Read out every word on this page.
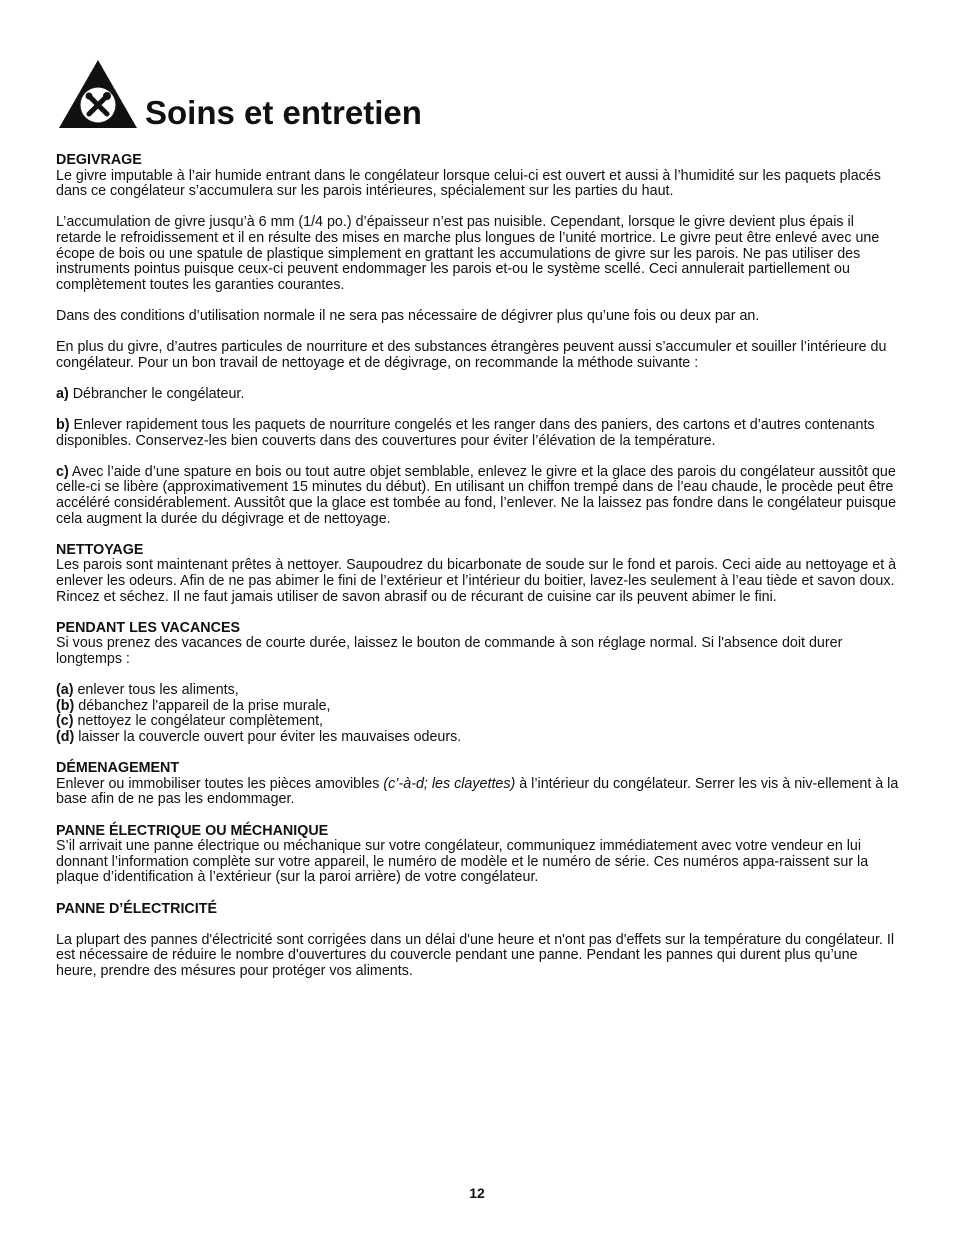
Soins et entretien
DEGIVRAGE

Le givre imputable à l’air humide entrant dans le congélateur lorsque celui-ci est ouvert et aussi à l’humidité sur les paquets placés dans ce congélateur s’accumulera sur les parois intérieures, spécialement sur les parties du haut.

L’accumulation de givre jusqu’à 6 mm (1/4 po.) d’épaisseur n’est pas nuisible. Cependant, lorsque le givre devient plus épais il retarde le refroidissement et il en résulte des mises en marche plus longues de l’unité mortrice. Le givre peut être enlevé avec une écope de bois ou une spatule de plastique simplement en grattant les accumulations de givre sur les parois. Ne pas utiliser des instruments pointus puisque ceux-ci peuvent endommager les parois et-ou le système scellé. Ceci annulerait partiellement ou complètement toutes les garanties courantes.

Dans des conditions d’utilisation normale il ne sera pas nécessaire de dégivrer plus qu’une fois ou deux par an.

En plus du givre, d’autres particules de nourriture et des substances étrangères peuvent aussi s’accumuler et souiller l’intérieure du congélateur. Pour un bon travail de nettoyage et de dégivrage, on recommande la méthode suivante :

a) Débrancher le congélateur.

b) Enlever rapidement tous les paquets de nourriture congelés et les ranger dans des paniers, des cartons et d’autres contenants disponibles. Conservez-les bien couverts dans des couvertures pour éviter l’élévation de la température.

c) Avec l’aide d’une spature en bois ou tout autre objet semblable, enlevez le givre et la glace des parois du congélateur aussitôt que celle-ci se libère (approximativement 15 minutes du début). En utilisant un chiffon trempé dans de l’eau chaude, le procède peut être accéléré considérablement. Aussitôt que la glace est tombée au fond, l’enlever. Ne la laissez pas fondre dans le congélateur puisque cela augment la durée du dégivrage et de nettoyage.

NETTOYAGE

Les parois sont maintenant prêtes à nettoyer. Saupoudrez du bicarbonate de soude sur le fond et parois. Ceci aide au nettoyage et à enlever les odeurs. Afin de ne pas abimer le fini de l’extérieur et l’intérieur du boitier, lavez-les seulement à l’eau tiède et savon doux. Rincez et séchez. Il ne faut jamais utiliser de savon abrasif ou de récurant de cuisine car ils peuvent abimer le fini.

PENDANT LES VACANCES

Si vous prenez des vacances de courte durée, laissez le bouton de commande à son réglage normal. Si l'absence doit durer longtemps :

(a) enlever tous les aliments,

(b) débanchez l'appareil de la prise murale,

(c) nettoyez le congélateur complètement,

(d) laisser la couvercle ouvert pour éviter les mauvaises odeurs.

DÉMENAGEMENT

Enlever ou immobiliser toutes les pièces amovibles (c’-à-d; les clayettes) à l’intérieur du congélateur. Serrer les vis à niv-ellement à la base afin de ne pas les endommager.

PANNE ÉLECTRIQUE OU MÉCHANIQUE

S’il arrivait une panne électrique ou méchanique sur votre congélateur, communiquez immédiatement avec votre vendeur en lui donnant l’information complète sur votre appareil, le numéro de modèle et le numéro de série. Ces numéros appa-raissent sur la plaque d’identification à l’extérieur (sur la paroi arrière) de votre congélateur.

PANNE D’ÉLECTRICITÉ

La plupart des pannes d'électricité sont corrigées dans un délai d'une heure et n'ont pas d'effets sur la température du congélateur. Il est nécessaire de réduire le nombre d'ouvertures du couvercle pendant une panne. Pendant les pannes qui durent plus qu’une heure, prendre des mésures pour protéger vos aliments.

12
